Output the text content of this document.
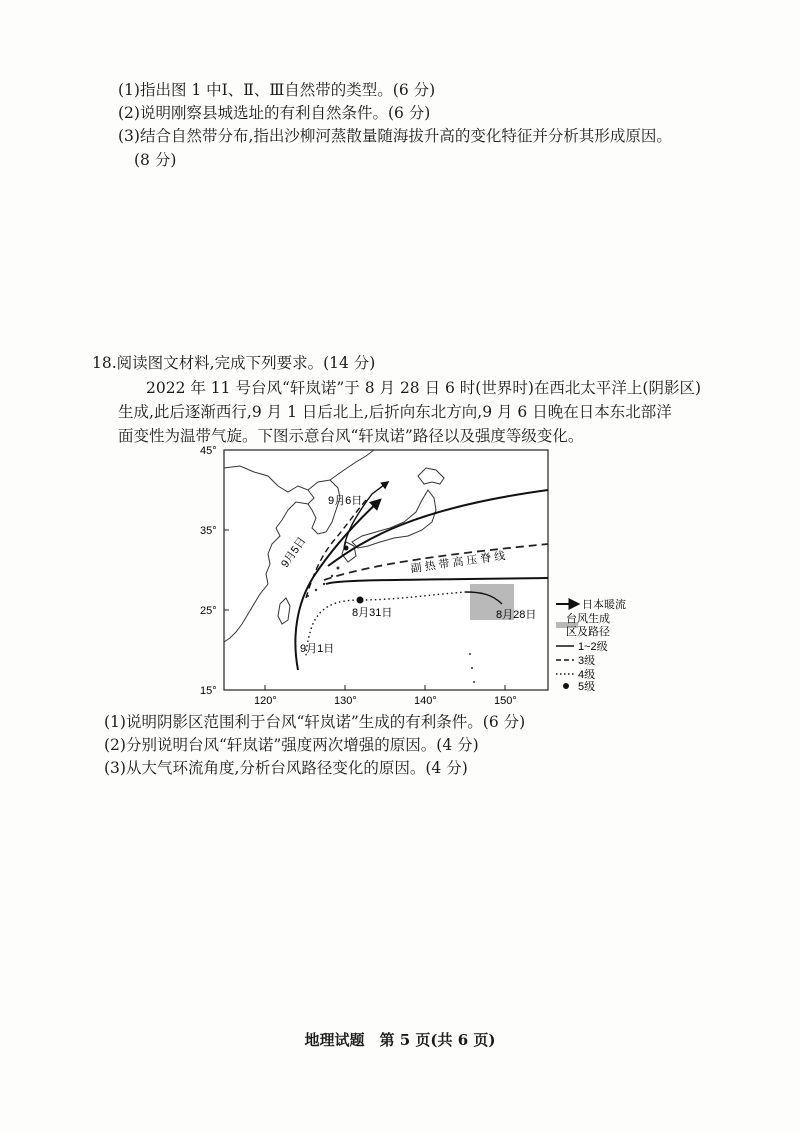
(1)指出图 1 中Ⅰ、Ⅱ、Ⅲ自然带的类型。(6 分)
(2)说明刚察县城选址的有利自然条件。(6 分)
(3)结合自然带分布,指出沙柳河蒸散量随海拔升高的变化特征并分析其形成原因。
(8 分)
18.阅读图文材料,完成下列要求。(14 分)
2022 年 11 号台风“轩岚诺”于 8 月 28 日 6 时(世界时)在西北太平洋上(阴影区)
生成,此后逐渐西行,9 月 1 日后北上,后折向东北方向,9 月 6 日晚在日本东北部洋
面变性为温带气旋。下图示意台风“轩岚诺”路径以及强度等级变化。
45°
35°
25°
15°
120°	130°	140°	150°
9月6日
9月5日
8月31日
9月1日
8月28日
副 热 带 高 压 脊 线
日本暖流
台风生成
区及路径
1~2级
3级
4级
5级
(1)说明阴影区范围利于台风“轩岚诺”生成的有利条件。(6 分)
(2)分别说明台风“轩岚诺”强度两次增强的原因。(4 分)
(3)从大气环流角度,分析台风路径变化的原因。(4 分)
地理试题　第 5 页(共 6 页)
